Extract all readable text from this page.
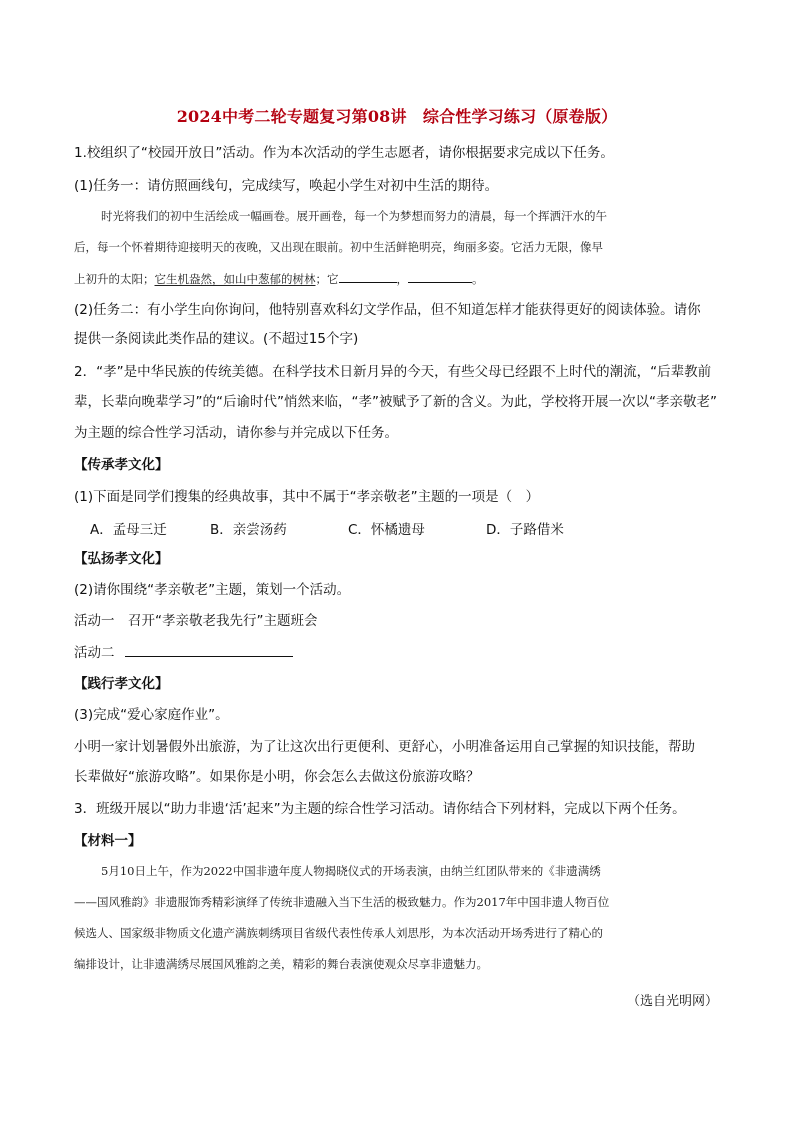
2024中考二轮专题复习第08讲　综合性学习练习（原卷版）
1.校组织了“校园开放日”活动。作为本次活动的学生志愿者，请你根据要求完成以下任务。
(1)任务一：请仿照画线句，完成续写，唤起小学生对初中生活的期待。
时光将我们的初中生活绘成一幅画卷。展开画卷，每一个为梦想而努力的清晨，每一个挥洒汗水的午
后，每一个怀着期待迎接明天的夜晚，又出现在眼前。初中生活鲜艳明亮，绚丽多姿。它活力无限，像早
上初升的太阳；它生机盎然，如山中葱郁的树林；它	，	。
(2)任务二：有小学生向你询问，他特别喜欢科幻文学作品，但不知道怎样才能获得更好的阅读体验。请你
提供一条阅读此类作品的建议。(不超过15个字)
2．“孝”是中华民族的传统美德。在科学技术日新月异的今天，有些父母已经跟不上时代的潮流，“后辈教前
辈，长辈向晚辈学习”的“后谕时代”悄然来临，“孝”被赋予了新的含义。为此，学校将开展一次以“孝亲敬老”
为主题的综合性学习活动，请你参与并完成以下任务。
【传承孝文化】
(1)下面是同学们搜集的经典故事，其中不属于“孝亲敬老”主题的一项是（　）
A．孟母三迁	B．亲尝汤药	C．怀橘遗母	D．子路借米
【弘扬孝文化】
(2)请你围绕“孝亲敬老”主题，策划一个活动。
活动一　召开“孝亲敬老我先行”主题班会
活动二
【践行孝文化】
(3)完成“爱心家庭作业”。
小明一家计划暑假外出旅游，为了让这次出行更便利、更舒心，小明准备运用自己掌握的知识技能，帮助
长辈做好“旅游攻略”。如果你是小明，你会怎么去做这份旅游攻略？
3．班级开展以“助力非遗‘活’起来”为主题的综合性学习活动。请你结合下列材料，完成以下两个任务。
【材料一】
5月10日上午，作为2022中国非遗年度人物揭晓仪式的开场表演，由纳兰红团队带来的《非遗满绣
——国风雅韵》非遗服饰秀精彩演绎了传统非遗融入当下生活的极致魅力。作为2017年中国非遗人物百位
候选人、国家级非物质文化遗产满族刺绣项目省级代表性传承人刘思彤，为本次活动开场秀进行了精心的
编排设计，让非遗满绣尽展国风雅韵之美，精彩的舞台表演使观众尽享非遗魅力。
（选自光明网）
